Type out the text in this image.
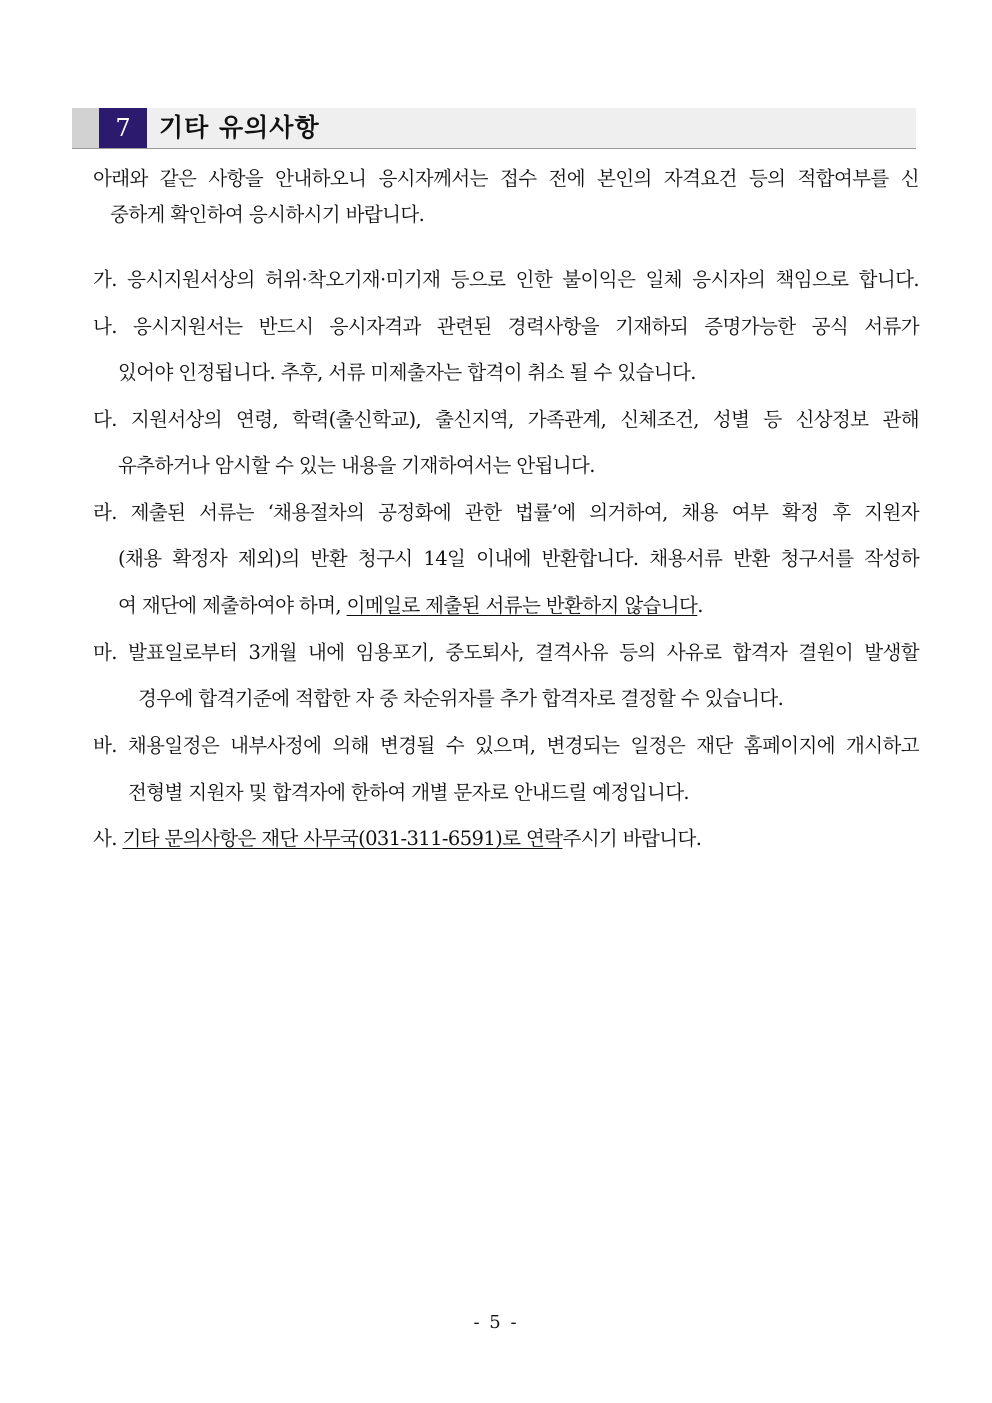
7	기타 유의사항
아래와 같은 사항을 안내하오니 응시자께서는 접수 전에 본인의 자격요건 등의 적합여부를 신
중하게 확인하여 응시하시기 바랍니다.
가. 응시지원서상의 허위·착오기재·미기재 등으로 인한 불이익은 일체 응시자의 책임으로 합니다.
나. 응시지원서는 반드시 응시자격과 관련된 경력사항을 기재하되 증명가능한 공식 서류가
있어야 인정됩니다. 추후, 서류 미제출자는 합격이 취소 될 수 있습니다.
다. 지원서상의 연령, 학력(출신학교), 출신지역, 가족관계, 신체조건, 성별 등 신상정보 관해
유추하거나 암시할 수 있는 내용을 기재하여서는 안됩니다.
라. 제출된 서류는 ‘채용절차의 공정화에 관한 법률’에 의거하여, 채용 여부 확정 후 지원자
(채용 확정자 제외)의 반환 청구시 14일 이내에 반환합니다. 채용서류 반환 청구서를 작성하
여 재단에 제출하여야 하며, 이메일로 제출된 서류는 반환하지 않습니다.
마. 발표일로부터 3개월 내에 임용포기, 중도퇴사, 결격사유 등의 사유로 합격자 결원이 발생할
경우에 합격기준에 적합한 자 중 차순위자를 추가 합격자로 결정할 수 있습니다.
바. 채용일정은 내부사정에 의해 변경될 수 있으며, 변경되는 일정은 재단 홈페이지에 개시하고
전형별 지원자 및 합격자에 한하여 개별 문자로 안내드릴 예정입니다.
사. 기타 문의사항은 재단 사무국(031-311-6591)로 연락주시기 바랍니다.
- 5 -
